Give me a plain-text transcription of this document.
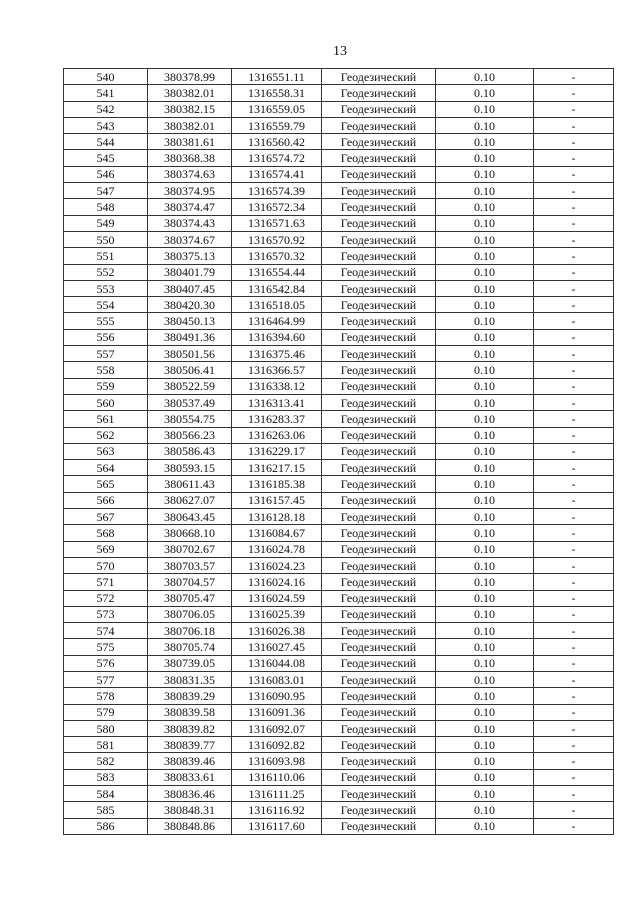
13
540	380378.99	1316551.11	Геодезический	0.10	-
541	380382.01	1316558.31	Геодезический	0.10	-
542	380382.15	1316559.05	Геодезический	0.10	-
543	380382.01	1316559.79	Геодезический	0.10	-
544	380381.61	1316560.42	Геодезический	0.10	-
545	380368.38	1316574.72	Геодезический	0.10	-
546	380374.63	1316574.41	Геодезический	0.10	-
547	380374.95	1316574.39	Геодезический	0.10	-
548	380374.47	1316572.34	Геодезический	0.10	-
549	380374.43	1316571.63	Геодезический	0.10	-
550	380374.67	1316570.92	Геодезический	0.10	-
551	380375.13	1316570.32	Геодезический	0.10	-
552	380401.79	1316554.44	Геодезический	0.10	-
553	380407.45	1316542.84	Геодезический	0.10	-
554	380420.30	1316518.05	Геодезический	0.10	-
555	380450.13	1316464.99	Геодезический	0.10	-
556	380491.36	1316394.60	Геодезический	0.10	-
557	380501.56	1316375.46	Геодезический	0.10	-
558	380506.41	1316366.57	Геодезический	0.10	-
559	380522.59	1316338.12	Геодезический	0.10	-
560	380537.49	1316313.41	Геодезический	0.10	-
561	380554.75	1316283.37	Геодезический	0.10	-
562	380566.23	1316263.06	Геодезический	0.10	-
563	380586.43	1316229.17	Геодезический	0.10	-
564	380593.15	1316217.15	Геодезический	0.10	-
565	380611.43	1316185.38	Геодезический	0.10	-
566	380627.07	1316157.45	Геодезический	0.10	-
567	380643.45	1316128.18	Геодезический	0.10	-
568	380668.10	1316084.67	Геодезический	0.10	-
569	380702.67	1316024.78	Геодезический	0.10	-
570	380703.57	1316024.23	Геодезический	0.10	-
571	380704.57	1316024.16	Геодезический	0.10	-
572	380705.47	1316024.59	Геодезический	0.10	-
573	380706.05	1316025.39	Геодезический	0.10	-
574	380706.18	1316026.38	Геодезический	0.10	-
575	380705.74	1316027.45	Геодезический	0.10	-
576	380739.05	1316044.08	Геодезический	0.10	-
577	380831.35	1316083.01	Геодезический	0.10	-
578	380839.29	1316090.95	Геодезический	0.10	-
579	380839.58	1316091.36	Геодезический	0.10	-
580	380839.82	1316092.07	Геодезический	0.10	-
581	380839.77	1316092.82	Геодезический	0.10	-
582	380839.46	1316093.98	Геодезический	0.10	-
583	380833.61	1316110.06	Геодезический	0.10	-
584	380836.46	1316111.25	Геодезический	0.10	-
585	380848.31	1316116.92	Геодезический	0.10	-
586	380848.86	1316117.60	Геодезический	0.10	-
